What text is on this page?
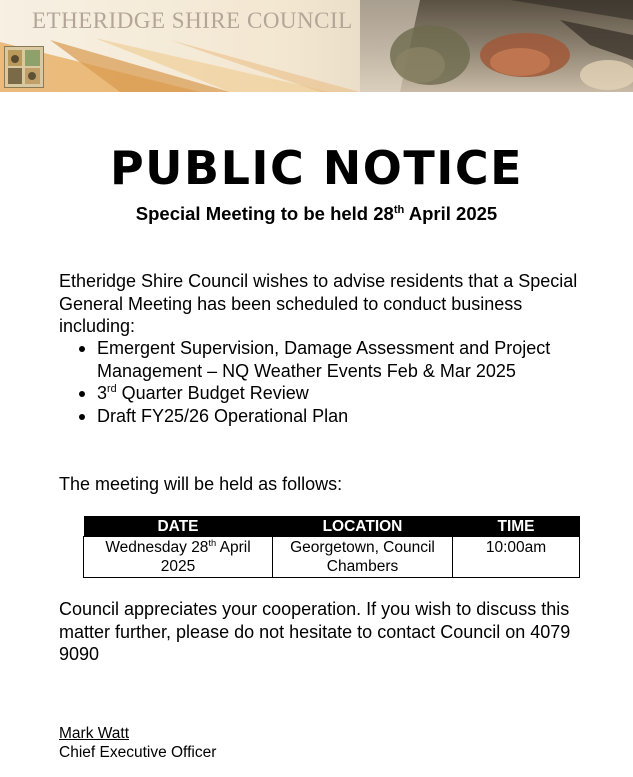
ETHERIDGE SHIRE COUNCIL
PUBLIC NOTICE
Special Meeting to be held 28th April 2025
Etheridge Shire Council wishes to advise residents that a Special General Meeting has been scheduled to conduct business including:
Emergent Supervision, Damage Assessment and Project Management – NQ Weather Events Feb & Mar 2025
3rd Quarter Budget Review
Draft FY25/26 Operational Plan
The meeting will be held as follows:
DATE	LOCATION	TIME
Wednesday 28th April 2025	Georgetown, Council Chambers	10:00am
Council appreciates your cooperation. If you wish to discuss this matter further, please do not hesitate to contact Council on 4079 9090
Mark Watt
Chief Executive Officer
